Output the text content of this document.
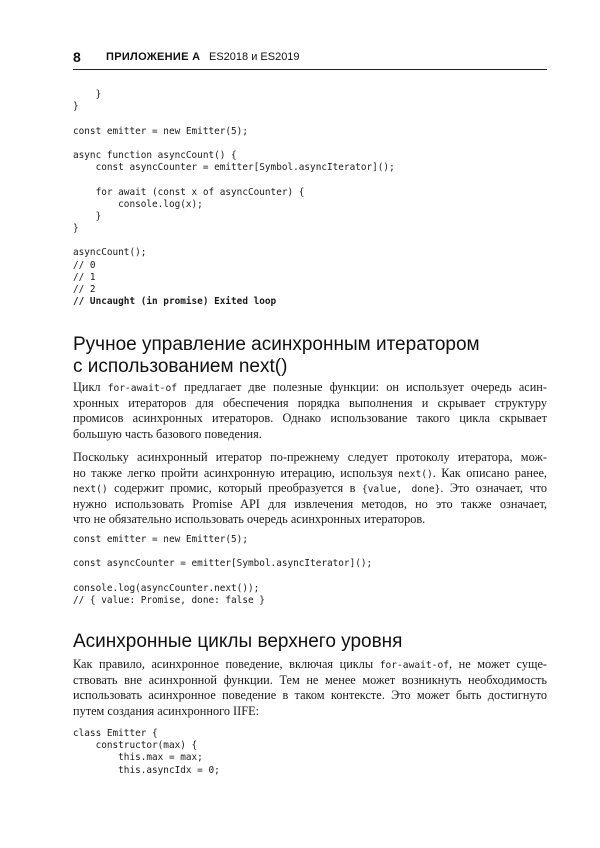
8 ПРИЛОЖЕНИЕ А ES2018 и ES2019
}
}
const emitter = new Emitter(5);
async function asyncCount() {
const asyncCounter = emitter[Symbol.asyncIterator]();
for await (const x of asyncCounter) {
console.log(x);
}
}
asyncCount();
// 0
// 1
// 2
// Uncaught (in promise) Exited loop
Ручное управление асинхронным итератором
с использованием next()

Цикл for-await-of предлагает две полезные функции: он использует очередь асин-
хронных итераторов для обеспечения порядка выполнения и скрывает структуру
промисов асинхронных итераторов. Однако использование такого цикла скрывает
большую часть базового поведения.

Поскольку асинхронный итератор по-прежнему следует протоколу итератора, мож-
но также легко пройти асинхронную итерацию, используя next(). Как описано ранее,
next() содержит промис, который преобразуется в {value, done}. Это означает, что
нужно использовать Promise API для извлечения методов, но это также означает,
что не обязательно использовать очередь асинхронных итераторов.

const emitter = new Emitter(5);
const asyncCounter = emitter[Symbol.asyncIterator]();
console.log(asyncCounter.next());
// { value: Promise, done: false }
Асинхронные циклы верхнего уровня

Как правило, асинхронное поведение, включая циклы for-await-of, не может суще-
ствовать вне асинхронной функции. Тем не менее может возникнуть необходимость
использовать асинхронное поведение в таком контексте. Это может быть достигнуто
путем создания асинхронного IIFE:

class Emitter {
constructor(max) {
this.max = max;
this.asyncIdx = 0;
